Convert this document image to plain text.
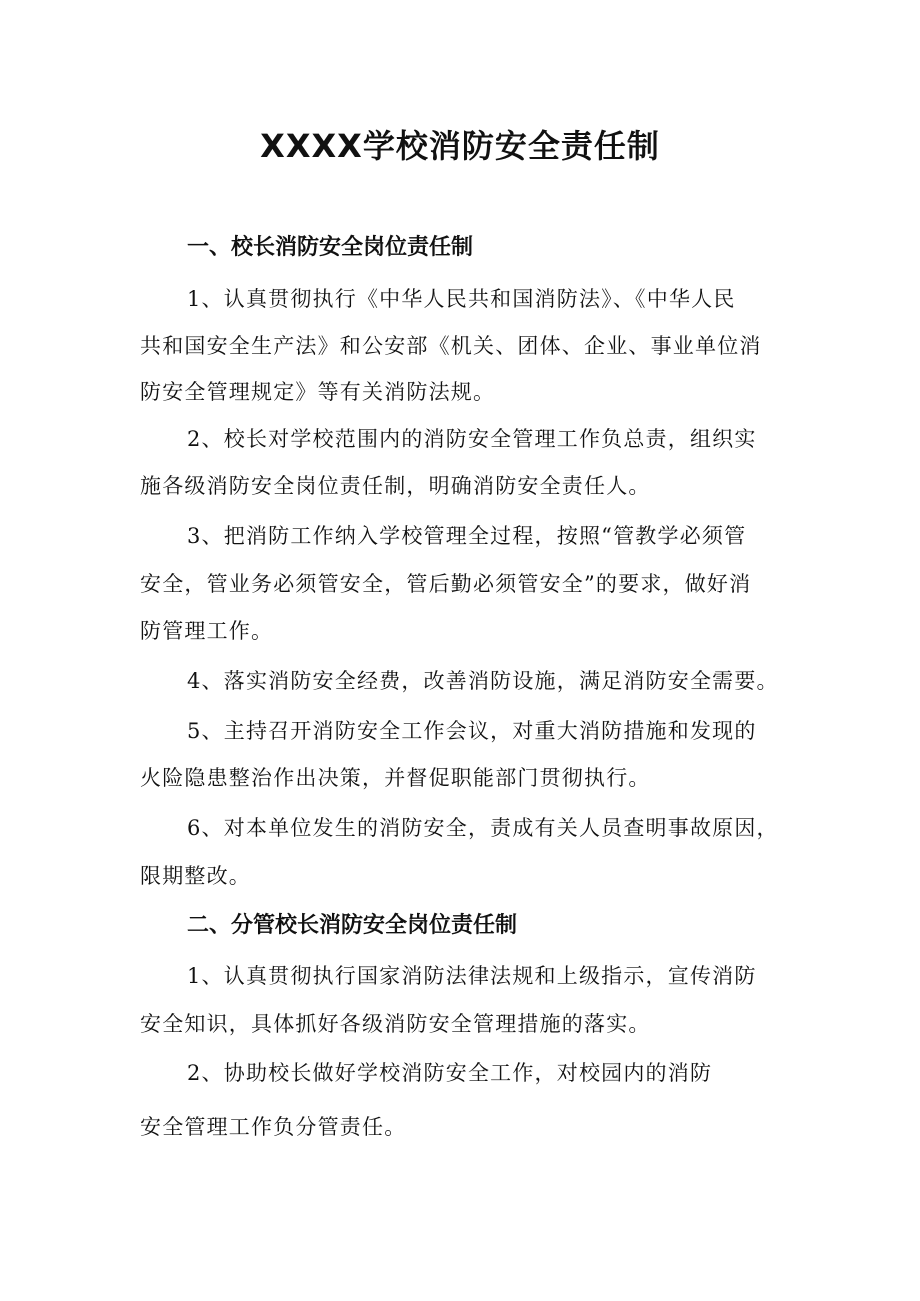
XXXX学校消防安全责任制
一、校长消防安全岗位责任制

1、认真贯彻执行《中华人民共和国消防法》、《中华人民

共和国安全生产法》和公安部《机关、团体、企业、事业单位消

防安全管理规定》等有关消防法规。

2、校长对学校范围内的消防安全管理工作负总责，组织实

施各级消防安全岗位责任制，明确消防安全责任人。

3、把消防工作纳入学校管理全过程，按照“管教学必须管

安全，管业务必须管安全，管后勤必须管安全”的要求，做好消

防管理工作。

4、落实消防安全经费，改善消防设施，满足消防安全需要。

5、主持召开消防安全工作会议，对重大消防措施和发现的

火险隐患整治作出决策，并督促职能部门贯彻执行。

6、对本单位发生的消防安全，责成有关人员查明事故原因，

限期整改。

二、分管校长消防安全岗位责任制

1、认真贯彻执行国家消防法律法规和上级指示，宣传消防

安全知识，具体抓好各级消防安全管理措施的落实。

2、协助校长做好学校消防安全工作，对校园内的消防

安全管理工作负分管责任。
